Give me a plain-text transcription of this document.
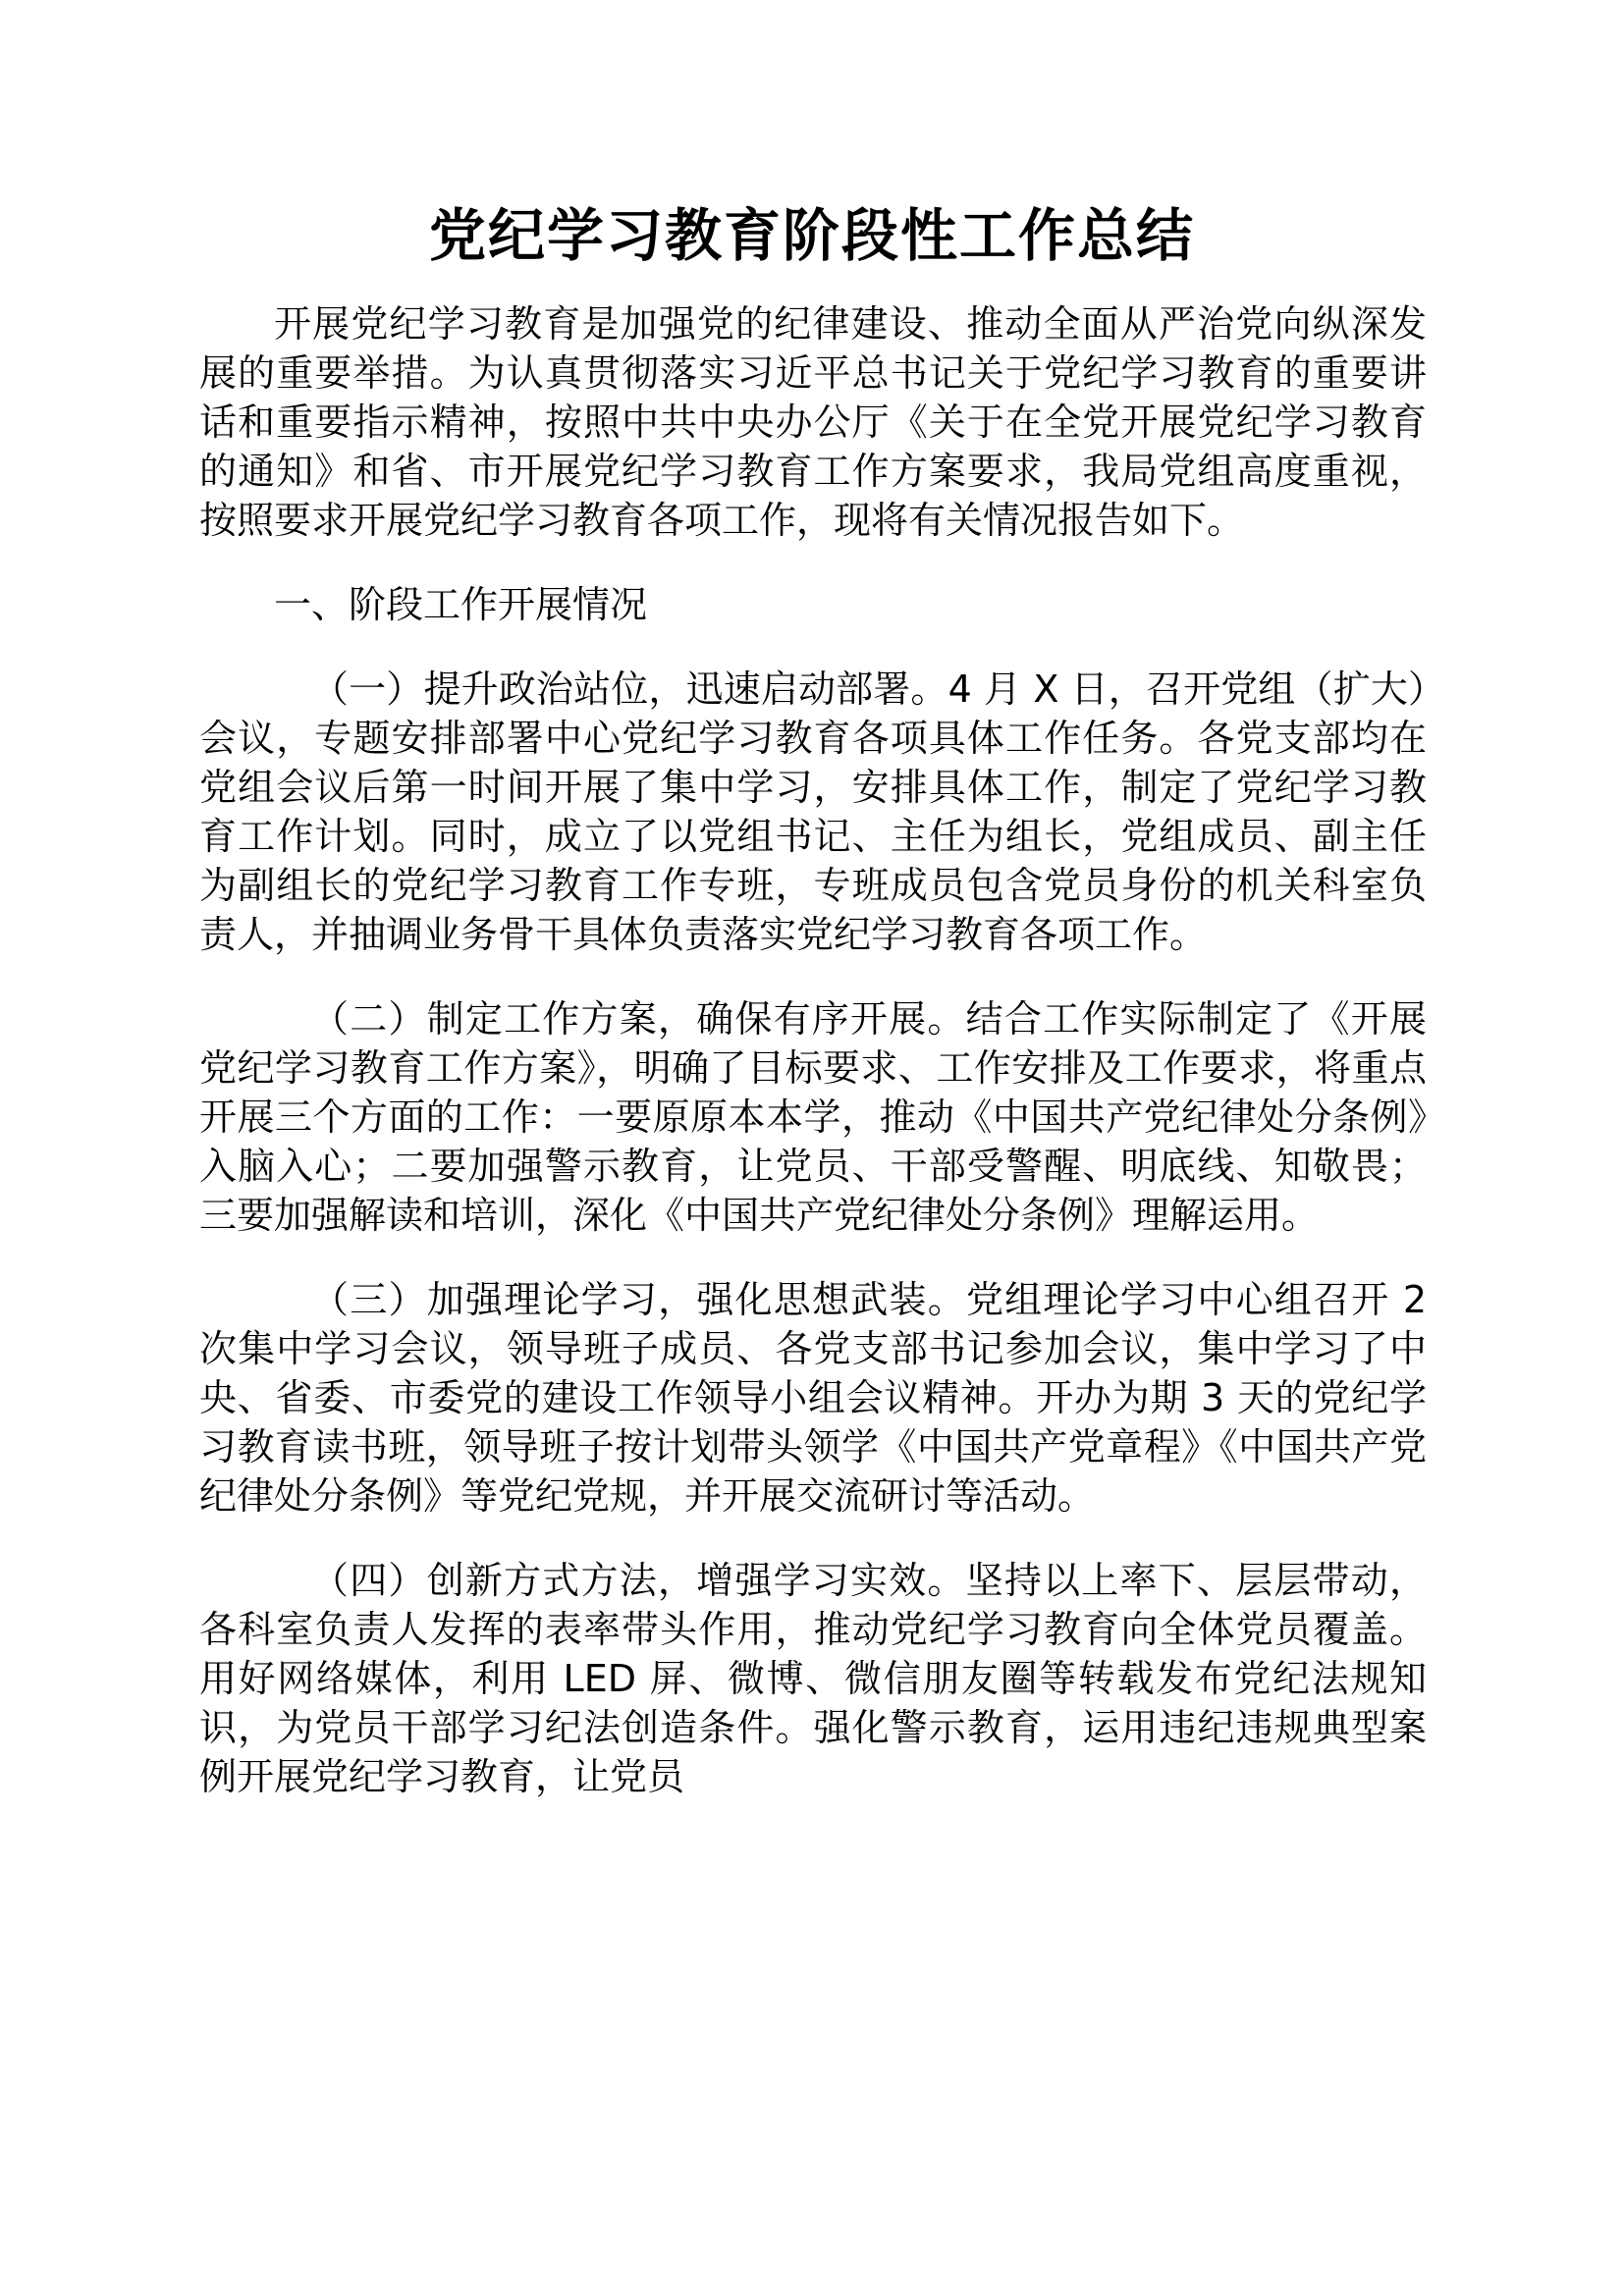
党纪学习教育阶段性工作总结

开展党纪学习教育是加强党的纪律建设、推动全面从严治党向纵深发展的重要举措。为认真贯彻落实习近平总书记关于党纪学习教育的重要讲话和重要指示精神，按照中共中央办公厅《关于在全党开展党纪学习教育的通知》和省、市开展党纪学习教育工作方案要求，我局党组高度重视，按照要求开展党纪学习教育各项工作，现将有关情况报告如下。

一、阶段工作开展情况

（一）提升政治站位，迅速启动部署。4 月 X 日，召开党组（扩大）会议，专题安排部署中心党纪学习教育各项具体工作任务。各党支部均在党组会议后第一时间开展了集中学习，安排具体工作，制定了党纪学习教育工作计划。同时，成立了以党组书记、主任为组长，党组成员、副主任为副组长的党纪学习教育工作专班，专班成员包含党员身份的机关科室负责人，并抽调业务骨干具体负责落实党纪学习教育各项工作。

（二）制定工作方案，确保有序开展。结合工作实际制定了《开展党纪学习教育工作方案》，明确了目标要求、工作安排及工作要求，将重点开展三个方面的工作：一要原原本本学，推动《中国共产党纪律处分条例》入脑入心；二要加强警示教育，让党员、干部受警醒、明底线、知敬畏；三要加强解读和培训，深化《中国共产党纪律处分条例》理解运用。

（三）加强理论学习，强化思想武装。党组理论学习中心组召开 2 次集中学习会议，领导班子成员、各党支部书记参加会议，集中学习了中央、省委、市委党的建设工作领导小组会议精神。开办为期 3 天的党纪学习教育读书班，领导班子按计划带头领学《中国共产党章程》《中国共产党纪律处分条例》等党纪党规，并开展交流研讨等活动。

（四）创新方式方法，增强学习实效。坚持以上率下、层层带动，各科室负责人发挥的表率带头作用，推动党纪学习教育向全体党员覆盖。用好网络媒体，利用 LED 屏、微博、微信朋友圈等转载发布党纪法规知识，为党员干部学习纪法创造条件。强化警示教育，运用违纪违规典型案例开展党纪学习教育，让党员
